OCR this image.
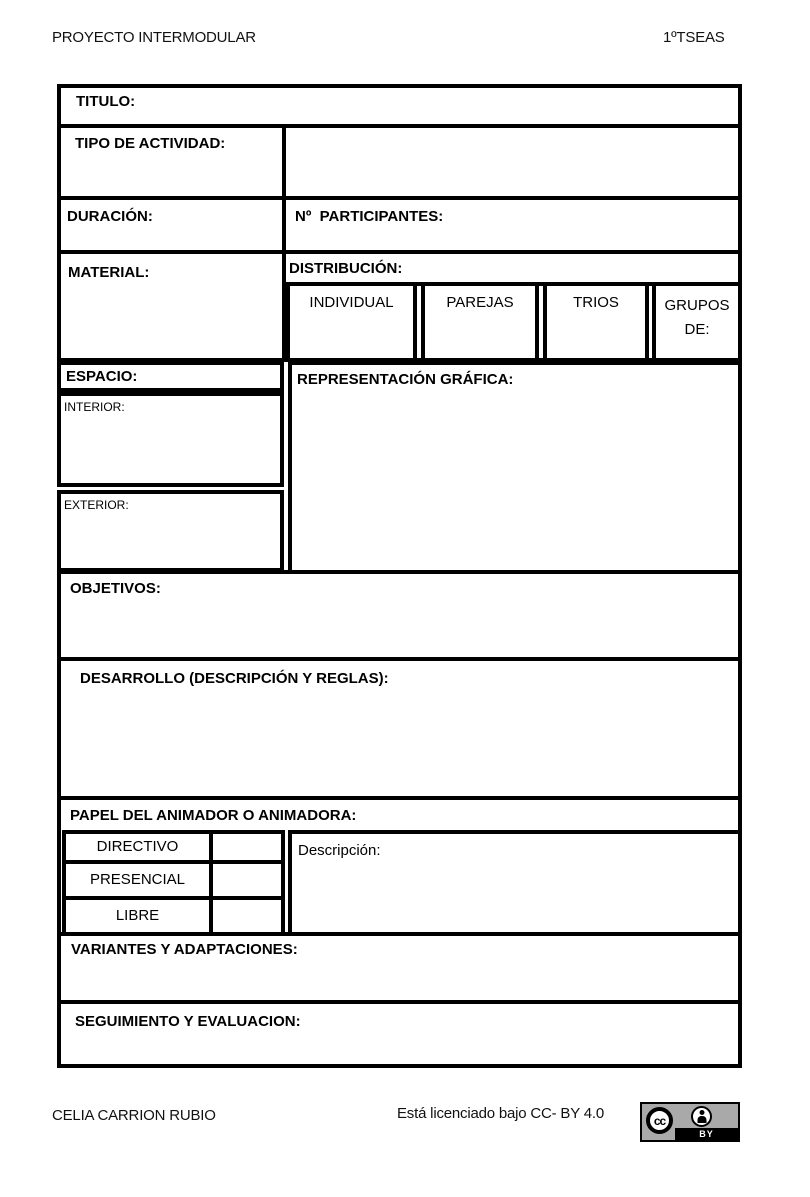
PROYECTO INTERMODULAR	1ºTSEAS
TITULO:
TIPO DE ACTIVIDAD:
DURACIÓN:	Nº  PARTICIPANTES:
MATERIAL:	DISTRIBUCIÓN:
INDIVIDUAL	PAREJAS	TRIOS	GRUPOS DE:
ESPACIO:
INTERIOR:
EXTERIOR:
REPRESENTACIÓN GRÁFICA:
OBJETIVOS:
DESARROLLO (DESCRIPCIÓN Y REGLAS):
PAPEL DEL ANIMADOR O ANIMADORA:
DIRECTIVO
PRESENCIAL
LIBRE
Descripción:
VARIANTES Y ADAPTACIONES:
SEGUIMIENTO Y EVALUACION:
CELIA CARRION RUBIO	Está licenciado bajo CC- BY 4.0	cc
BY
